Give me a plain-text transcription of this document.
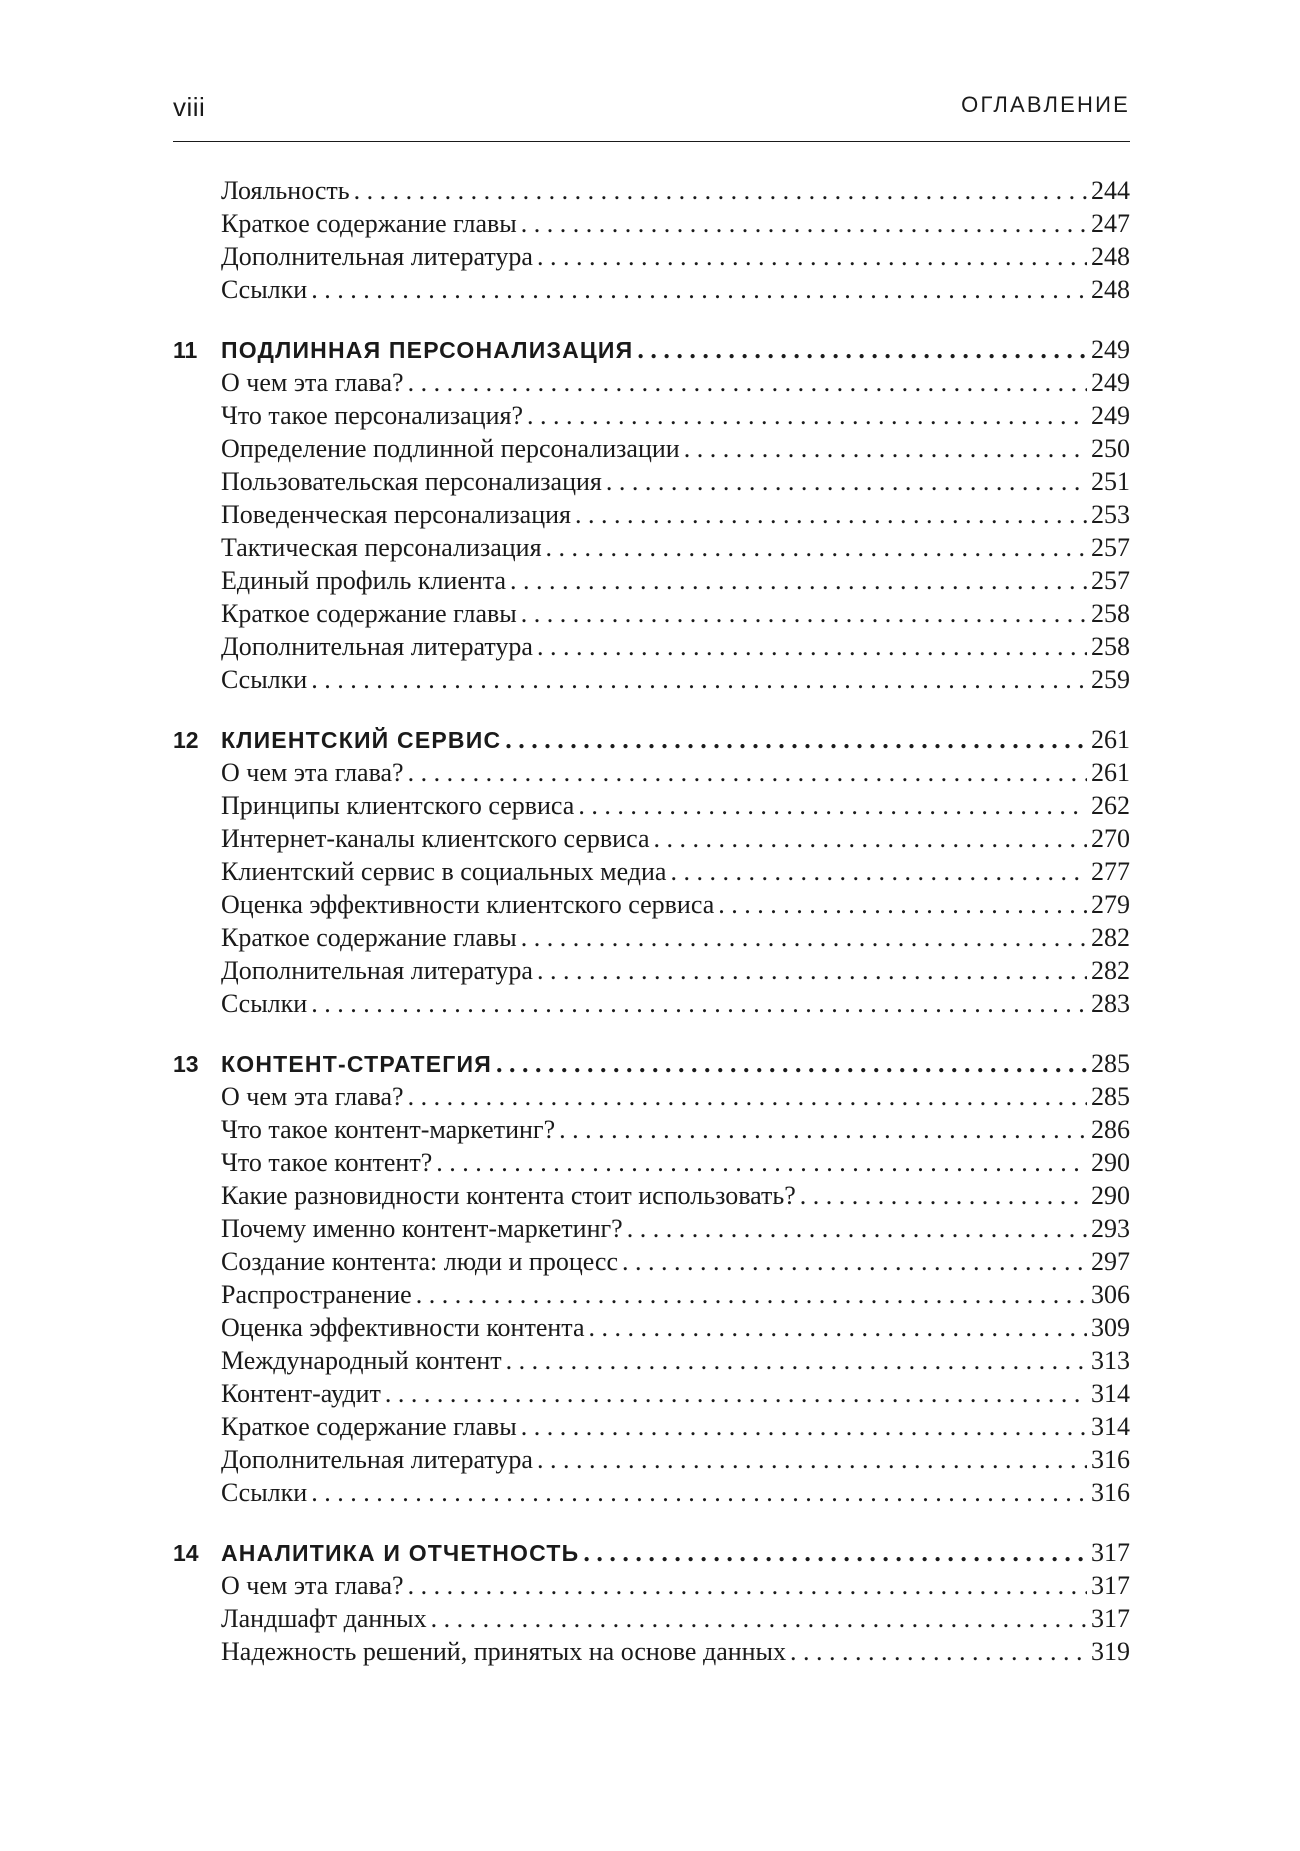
viii	ОГЛАВЛЕНИЕ
Лояльность . . .	244
Краткое содержание главы . . .	247
Дополнительная литература . . .	248
Ссылки . . .	248
11	ПОДЛИННАЯ ПЕРСОНАЛИЗАЦИЯ . . .	249
О чем эта глава? . . .	249
Что такое персонализация? . . .	249
Определение подлинной персонализации . . .	250
Пользовательская персонализация . . .	251
Поведенческая персонализация . . .	253
Тактическая персонализация . . .	257
Единый профиль клиента . . .	257
Краткое содержание главы . . .	258
Дополнительная литература . . .	258
Ссылки . . .	259
12 КЛИЕНТСКИЙ СЕРВИС . . .	261
О чем эта глава? . . .	261
Принципы клиентского сервиса . . .	262
Интернет-каналы клиентского сервиса . . .	270
Клиентский сервис в социальных медиа . . .	277
Оценка эффективности клиентского сервиса . . .	279
Краткое содержание главы . . .	282
Дополнительная литература . . .	282
Ссылки . . .	283
13 КОНТЕНТ-СТРАТЕГИЯ . . .	285
О чем эта глава? . . .	285
Что такое контент-маркетинг? . . .	286
Что такое контент? . . .	290
Какие разновидности контента стоит использовать? . . .	290
Почему именно контент-маркетинг? . . .	293
Создание контента: люди и процесс . . .	297
Распространение . . .	306
Оценка эффективности контента . . .	309
Международный контент . . .	313
Контент-аудит . . .	314
Краткое содержание главы . . .	314
Дополнительная литература . . .	316
Ссылки . . .	316
14 АНАЛИТИКА И ОТЧЕТНОСТЬ . . .	317
О чем эта глава? . . .	317
Ландшафт данных . . .	317
Надежность решений, принятых на основе данных . . .	319
